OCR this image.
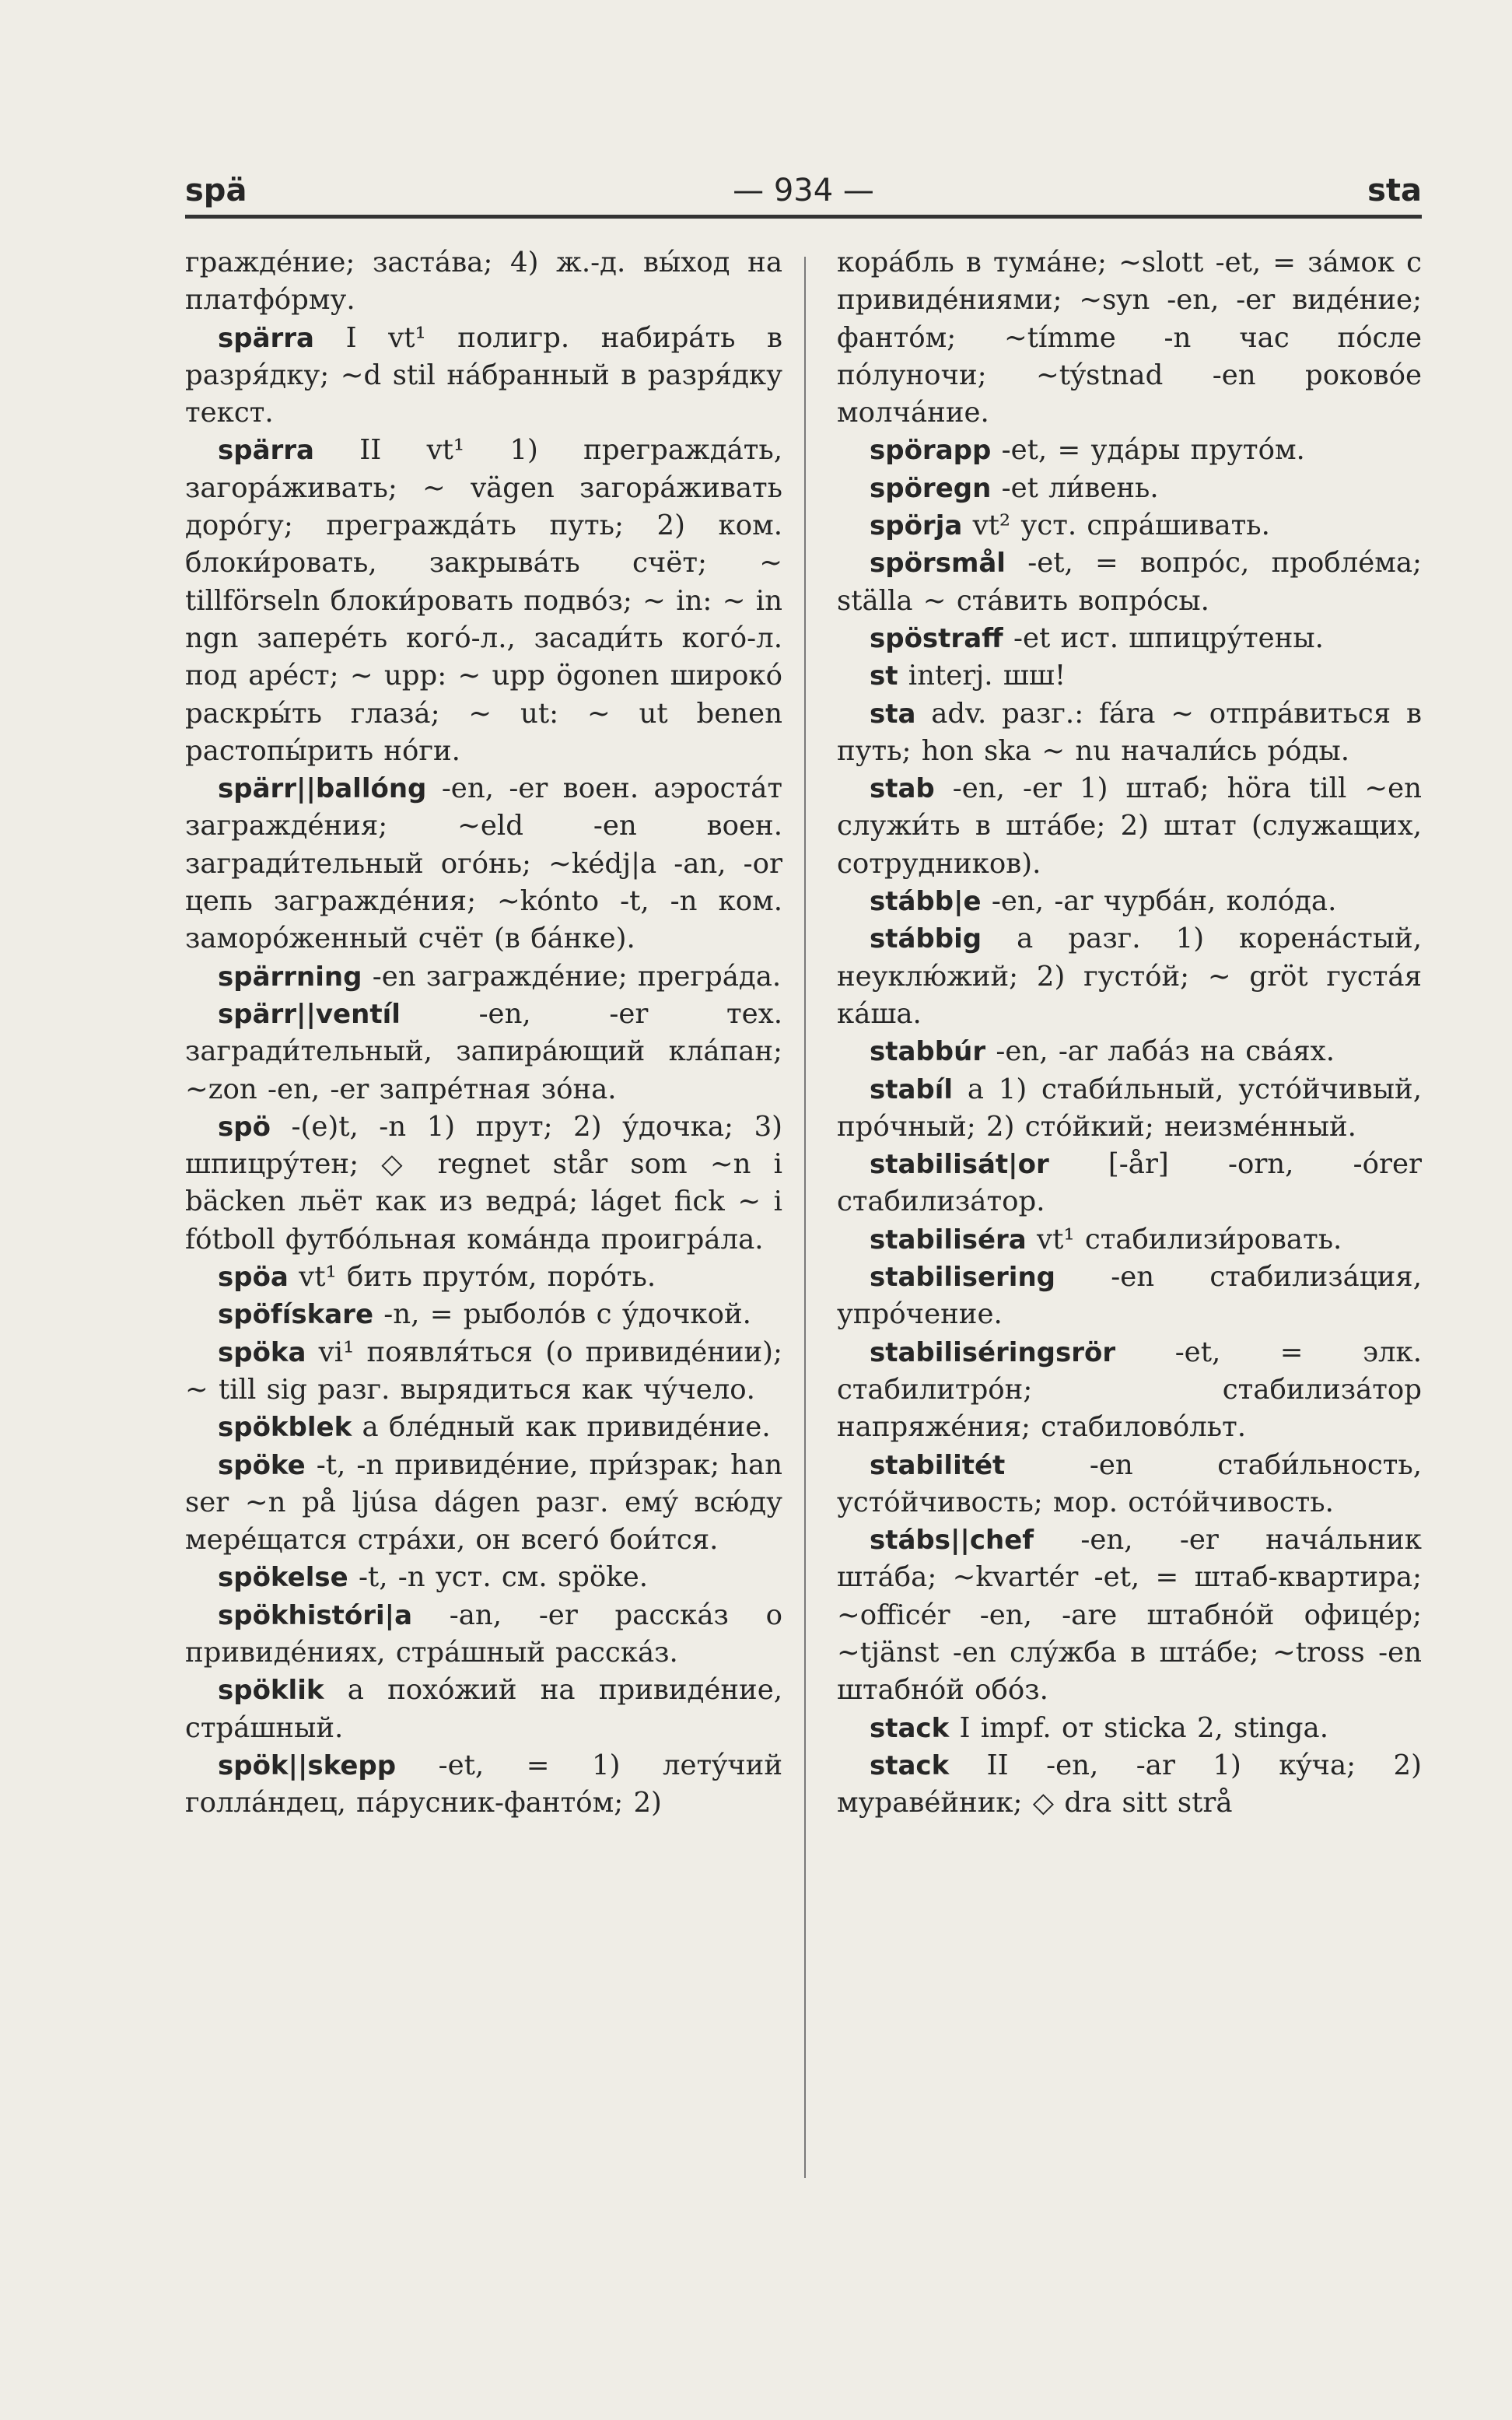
spä	— 934 —	sta

граждéние; застáва; 4) ж.-д. вы́ход на платфóрму.

spärra I vt¹ полигр. набирáть в разря́дку; ~d stil нáбранный в разря́дку текст.

spärra II vt¹ 1) преграждáть, загорáживать; ~ vägen загорáживать дорóгу; преграждáть путь; 2) ком. блоки́ровать, закрывáть счёт; ~ tillförseln блоки́ровать подвóз; ~ in: ~ in ngn заперéть когó-л., засади́ть когó-л. под арéст; ~ upp: ~ upp ögonen широкó раскры́ть глазá; ~ ut: ~ ut benen растопы́рить нóги.

spärr||ballóng -en, -er воен. аэростáт загражде́ния; ~eld -en воен. загради́тельный огóнь; ~kédj|a -an, -or цепь загражде́ния; ~kónto -t, -n ком. заморóженный счёт (в бáнке).

spärrning -en заграждéние; прегрáда.

spärr||ventíl -en, -er тех. загради́тельный, запирáющий клáпан; ~zon -en, -er запрéтная зóна.

spö -(e)t, -n 1) прут; 2) у́дочка; 3) шпицру́тен; ◇ regnet står som ~n i bäcken льёт как из ведрá; láget fick ~ i fótboll футбóльная комáнда проигрáла.

spöa vt¹ бить прутóм, порóть.

spöfískare -n, = рыболóв с у́дочкой.

spöka vi¹ появля́ться (о привидéнии); ~ till sig разг. вырядиться как чу́чело.

spökblek a блéдный как привидéние.

spöke -t, -n привидéние, при́зрак; han ser ~n på ljúsa dágen разг. емý всю́ду мерéщатся стрáхи, он всегó бои́тся.

spökelse -t, -n уст. см. spöke.

spökhistóri|a -an, -er расскáз о привидéниях, стрáшный расскáз.

spöklik a похóжий на привидéние, стрáшный.

spök||skepp -et, = 1) летýчий голлáндец, пáрусник-фантóм; 2)

корáбль в тумáне; ~slott -et, = зáмок с привидéниями; ~syn -en, -er видéние; фантóм; ~tímme -n час пóсле пóлуночи; ~týstnad -en роковóе молчáние.

spörapp -et, = удáры прутóм.

spöregn -et ли́вень.

spörja vt² уст. спрáшивать.

spörsmål -et, = вопрóс, проблéма; ställa ~ стáвить вопрóсы.

spöstraff -et ист. шпицру́тены.

st interj. шш!

sta adv. разг.: fára ~ отпрáвиться в путь; hon ska ~ nu начали́сь рóды.

stab -en, -er 1) штаб; höra till ~en служи́ть в штáбе; 2) штат (служащих, сотрудников).

stább|e -en, -ar чурбáн, колóда.

stábbig a разг. 1) коренáстый, неуклю́жий; 2) густóй; ~ gröt густáя кáша.

stabbúr -en, -ar лабáз на свáях.

stabíl a 1) стаби́льный, устóйчивый, прóчный; 2) стóйкий; неизмéнный.

stabilisát|or [-år] -orn, -órer стабилизáтор.

stabiliséra vt¹ стабилизи́ровать.

stabilisering -en стабилизáция, упрóчение.

stabiliséringsrör -et, = элк. стабилитрóн; стабилизáтор напряжéния; стабиловóльт.

stabilitét -en стаби́льность, устóйчивость; мор. остóйчивость.

stábs||chef -en, -er начáльник штáба; ~kvartér -et, = штаб-квартира; ~officér -en, -are штабнóй офицéр; ~tjänst -en слýжба в штáбе; ~tross -en штабнóй обóз.

stack I impf. от sticka 2, stinga.

stack II -en, -ar 1) кýча; 2) муравéйник; ◇ dra sitt strå
